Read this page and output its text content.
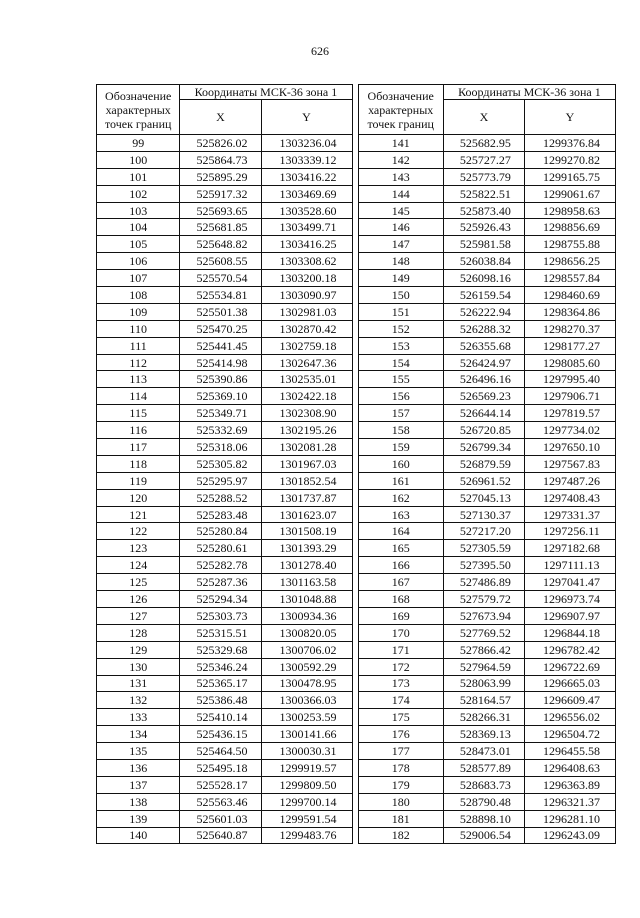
626
Обозначение характерных точек границ	Координаты МСК-36 зона 1	
	X	Y
99	525826.02	1303236.04
100	525864.73	1303339.12
101	525895.29	1303416.22
102	525917.32	1303469.69
103	525693.65	1303528.60
104	525681.85	1303499.71
105	525648.82	1303416.25
106	525608.55	1303308.62
107	525570.54	1303200.18
108	525534.81	1303090.97
109	525501.38	1302981.03
110	525470.25	1302870.42
111	525441.45	1302759.18
112	525414.98	1302647.36
113	525390.86	1302535.01
114	525369.10	1302422.18
115	525349.71	1302308.90
116	525332.69	1302195.26
117	525318.06	1302081.28
118	525305.82	1301967.03
119	525295.97	1301852.54
120	525288.52	1301737.87
121	525283.48	1301623.07
122	525280.84	1301508.19
123	525280.61	1301393.29
124	525282.78	1301278.40
125	525287.36	1301163.58
126	525294.34	1301048.88
127	525303.73	1300934.36
128	525315.51	1300820.05
129	525329.68	1300706.02
130	525346.24	1300592.29
131	525365.17	1300478.95
132	525386.48	1300366.03
133	525410.14	1300253.59
134	525436.15	1300141.66
135	525464.50	1300030.31
136	525495.18	1299919.57
137	525528.17	1299809.50
138	525563.46	1299700.14
139	525601.03	1299591.54
140	525640.87	1299483.76
Обозначение характерных точек границ	Координаты МСК-36 зона 1	
	X	Y
141	525682.95	1299376.84
142	525727.27	1299270.82
143	525773.79	1299165.75
144	525822.51	1299061.67
145	525873.40	1298958.63
146	525926.43	1298856.69
147	525981.58	1298755.88
148	526038.84	1298656.25
149	526098.16	1298557.84
150	526159.54	1298460.69
151	526222.94	1298364.86
152	526288.32	1298270.37
153	526355.68	1298177.27
154	526424.97	1298085.60
155	526496.16	1297995.40
156	526569.23	1297906.71
157	526644.14	1297819.57
158	526720.85	1297734.02
159	526799.34	1297650.10
160	526879.59	1297567.83
161	526961.52	1297487.26
162	527045.13	1297408.43
163	527130.37	1297331.37
164	527217.20	1297256.11
165	527305.59	1297182.68
166	527395.50	1297111.13
167	527486.89	1297041.47
168	527579.72	1296973.74
169	527673.94	1296907.97
170	527769.52	1296844.18
171	527866.42	1296782.42
172	527964.59	1296722.69
173	528063.99	1296665.03
174	528164.57	1296609.47
175	528266.31	1296556.02
176	528369.13	1296504.72
177	528473.01	1296455.58
178	528577.89	1296408.63
179	528683.73	1296363.89
180	528790.48	1296321.37
181	528898.10	1296281.10
182	529006.54	1296243.09
